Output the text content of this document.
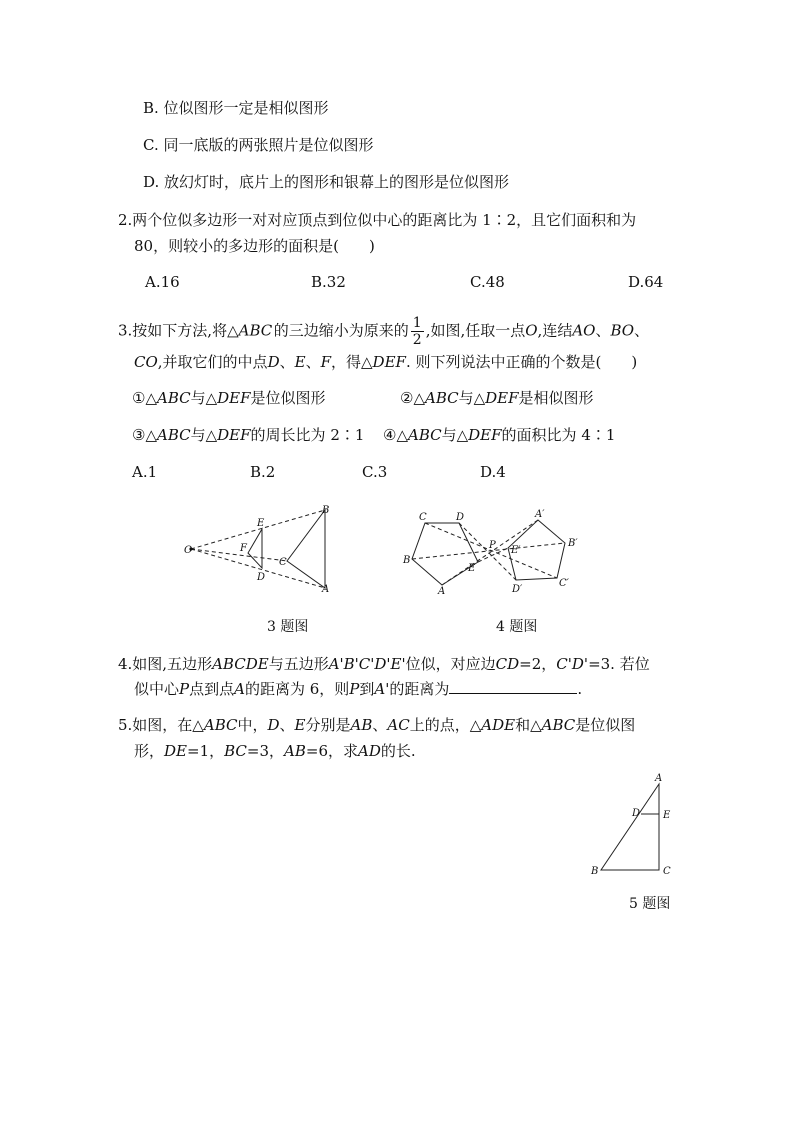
B. 位似图形一定是相似图形
C. 同一底版的两张照片是位似图形
D. 放幻灯时，底片上的图形和银幕上的图形是位似图形
2.两个位似多边形一对对应顶点到位似中心的距离比为 1∶2，且它们面积和为
80，则较小的多边形的面积是(　　)
A.16	B.32	C.48	D.64
3.按如下方法,将△ABC  的三边缩小为原来的 $\frac{1}{2}$ ,如图,任取一点O,连结AO、BO、
CO,并取它们的中点D、E、F，得△DEF. 则下列说法中正确的个数是(　　)
①△ABC与△DEF是位似图形	②△ABC与△DEF是相似图形
③△ABC与△DEF的周长比为 2∶1 ④△ABC与△DEF的面积比为 4∶1
A.1	B.2	C.3	D.4
O
E
F
D
C
B
A
C	D
B
A
E
P
A′
E′
B′
D′
C′
3 题图	4 题图
4.如图,五边形ABCDE与五边形A'B'C'D'E'位似，对应边CD=2，C'D'=3. 若位
似中心P点到点A的距离为 6，则P到A'的距离为	.
5.如图，在△ABC中，D、E分别是AB、AC上的点，△ADE和△ABC是位似图
形，DE=1，BC=3，AB=6，求AD的长.
A
D E
B	C
5 题图
